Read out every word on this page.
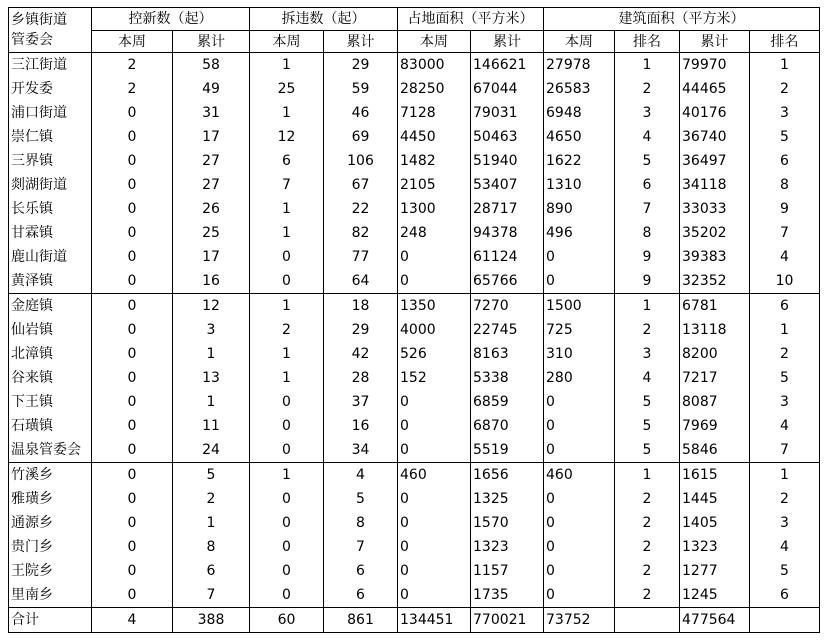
乡镇街道
管委会	控新数（起）		拆违数（起）		占地面积（平方米）		建筑面积（平方米）			
	本周	累计	本周	累计	本周	累计	本周	排名	累计	排名
三江街道	2	58	1	29	83000	146621	27978	1	79970	1
开发委	2	49	25	59	28250	67044	26583	2	44465	2
浦口街道	0	31	1	46	7128	79031	6948	3	40176	3
崇仁镇	0	17	12	69	4450	50463	4650	4	36740	5
三界镇	0	27	6	106	1482	51940	1622	5	36497	6
剡湖街道	0	27	7	67	2105	53407	1310	6	34118	8
长乐镇	0	26	1	22	1300	28717	890	7	33033	9
甘霖镇	0	25	1	82	248	94378	496	8	35202	7
鹿山街道	0	17	0	77	0	61124	0	9	39383	4
黄泽镇	0	16	0	64	0	65766	0	9	32352	10
金庭镇	0	12	1	18	1350	7270	1500	1	6781	6
仙岩镇	0	3	2	29	4000	22745	725	2	13118	1
北漳镇	0	1	1	42	526	8163	310	3	8200	2
谷来镇	0	13	1	28	152	5338	280	4	7217	5
下王镇	0	1	0	37	0	6859	0	5	8087	3
石璜镇	0	11	0	16	0	6870	0	5	7969	4
温泉管委会	0	24	0	34	0	5519	0	5	5846	7
竹溪乡	0	5	1	4	460	1656	460	1	1615	1
雅璜乡	0	2	0	5	0	1325	0	2	1445	2
通源乡	0	1	0	8	0	1570	0	2	1405	3
贵门乡	0	8	0	7	0	1323	0	2	1323	4
王院乡	0	6	0	6	0	1157	0	2	1277	5
里南乡	0	7	0	6	0	1735	0	2	1245	6
合计	4	388	60	861	134451	770021	73752		477564	
